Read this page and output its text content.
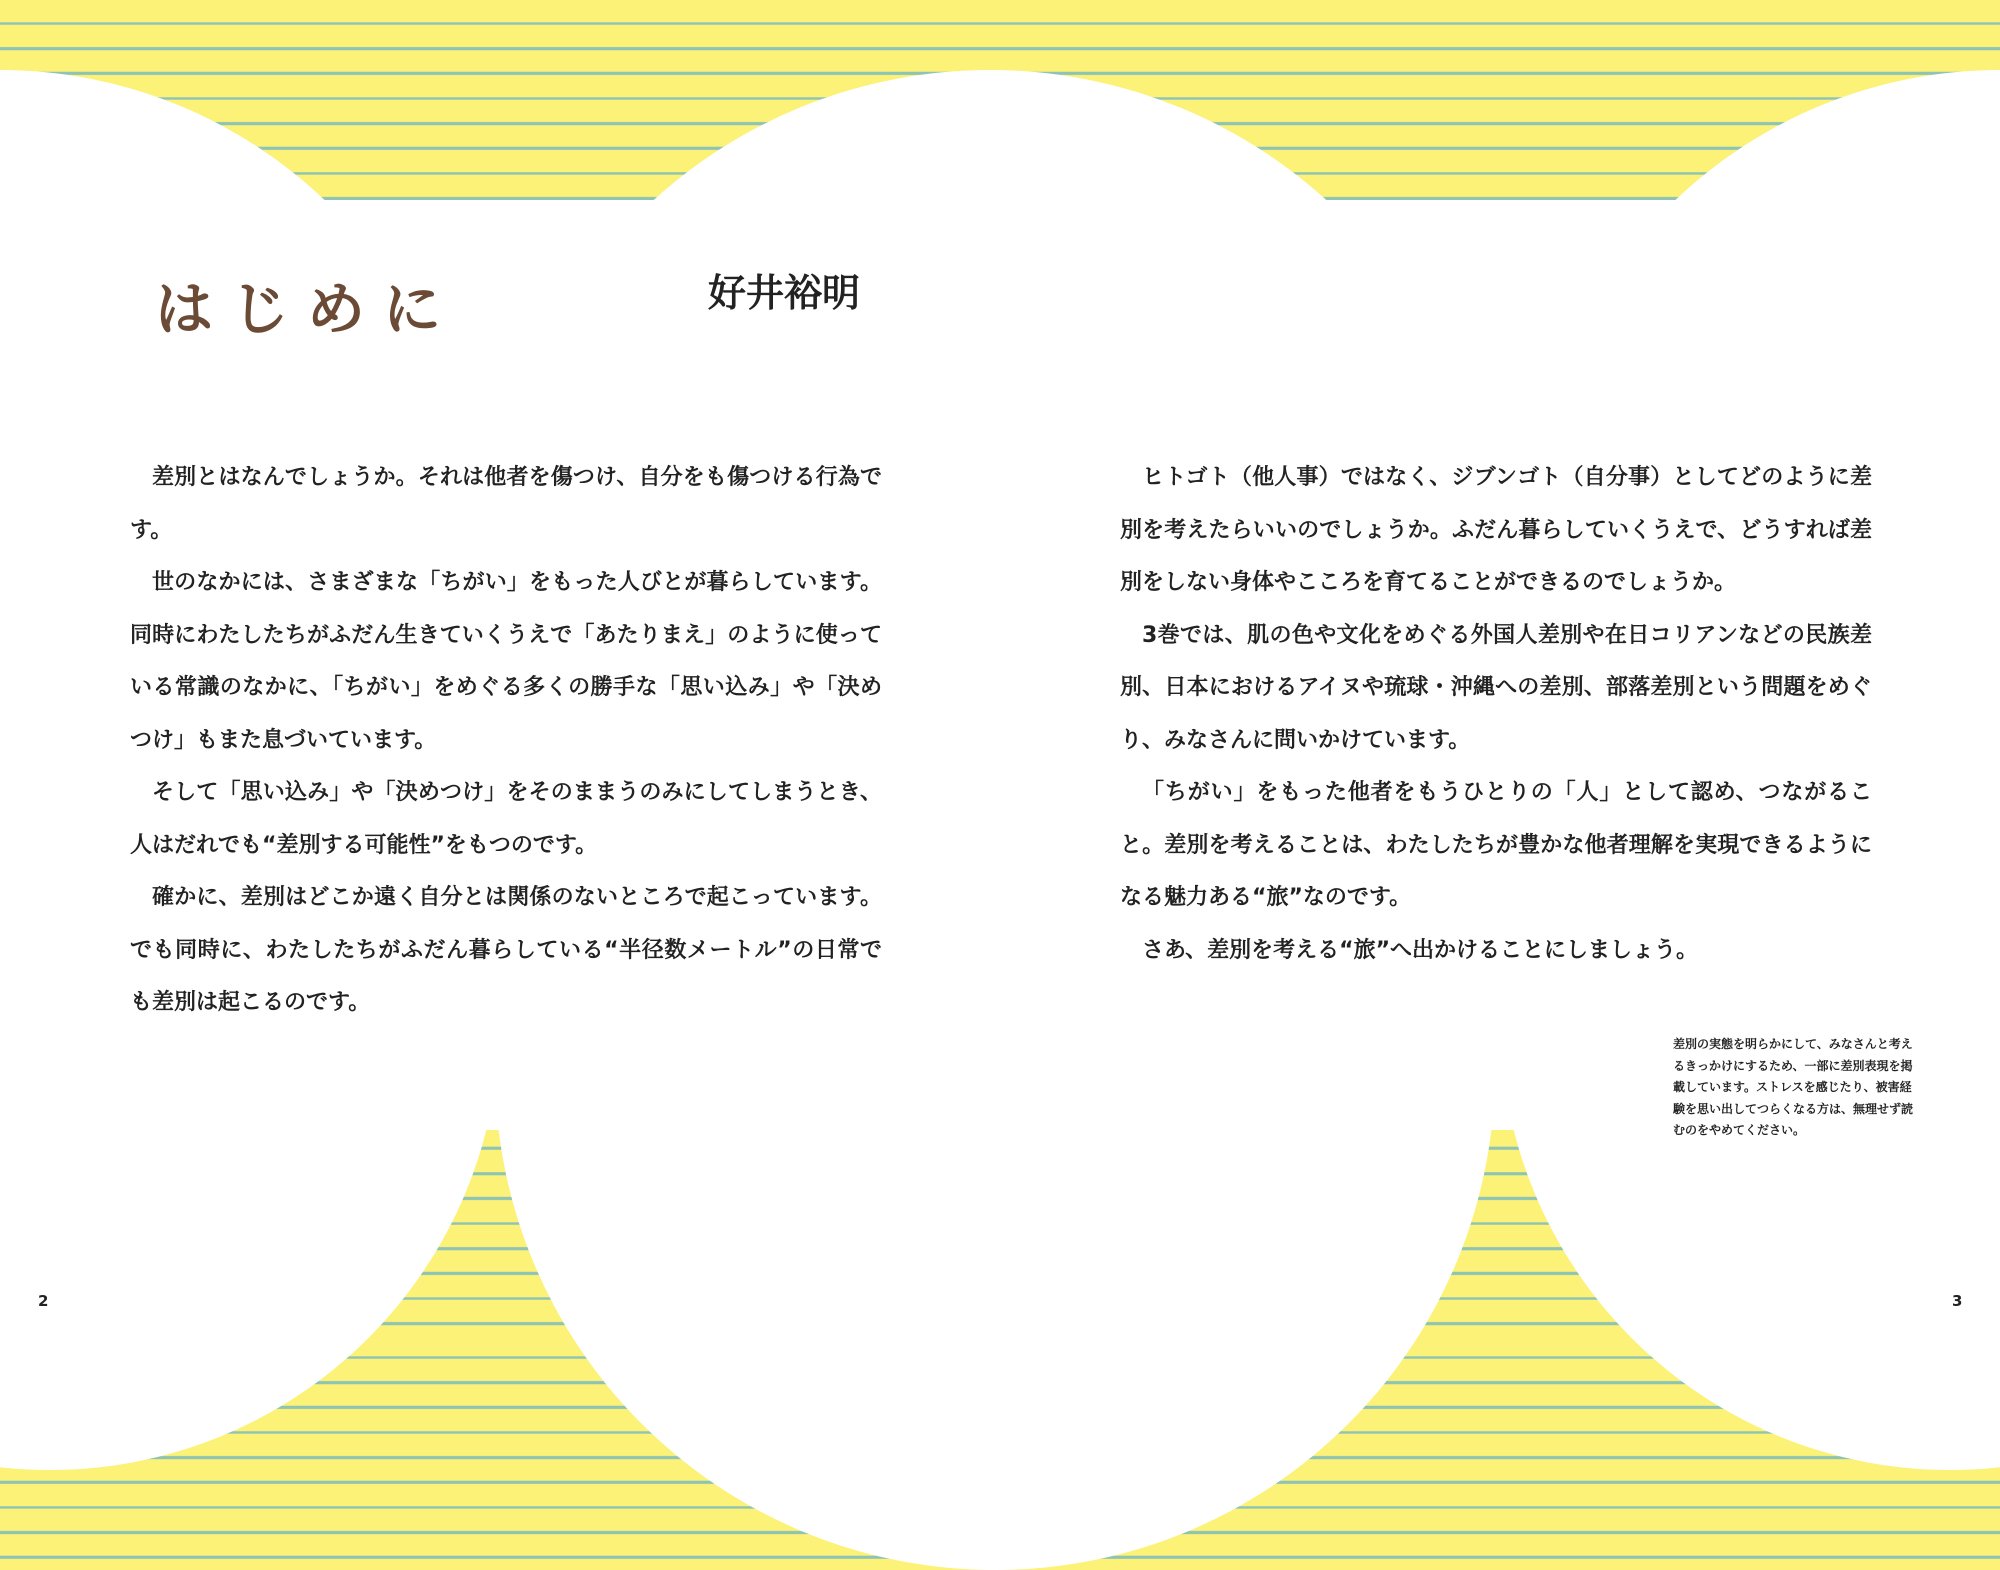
はじめに	好井裕明

差別とはなんでしょうか。それは他者を傷つけ、自分をも傷つける行為です。

世のなかには、さまざまな「ちがい」をもった人びとが暮らしています。同時にわたしたちがふだん生きていくうえで「あたりまえ」のように使っている常識のなかに、「ちがい」をめぐる多くの勝手な「思い込み」や「決めつけ」もまた息づいています。

そして「思い込み」や「決めつけ」をそのままうのみにしてしまうとき、人はだれでも“差別する可能性”をもつのです。

確かに、差別はどこか遠く自分とは関係のないところで起こっています。でも同時に、わたしたちがふだん暮らしている“半径数メートル”の日常でも差別は起こるのです。

ヒトゴト（他人事）ではなく、ジブンゴト（自分事）としてどのように差別を考えたらいいのでしょうか。ふだん暮らしていくうえで、どうすれば差別をしない身体やこころを育てることができるのでしょうか。

3巻では、肌の色や文化をめぐる外国人差別や在日コリアンなどの民族差別、日本におけるアイヌや琉球・沖縄への差別、部落差別という問題をめぐり、みなさんに問いかけています。

「ちがい」をもった他者をもうひとりの「人」として認め、つながること。差別を考えることは、わたしたちが豊かな他者理解を実現できるようになる魅力ある“旅”なのです。

さあ、差別を考える“旅”へ出かけることにしましょう。

差別の実態を明らかにして、みなさんと考えるきっかけにするため、一部に差別表現を掲載しています。ストレスを感じたり、被害経験を思い出してつらくなる方は、無理せず読むのをやめてください。

2	3
